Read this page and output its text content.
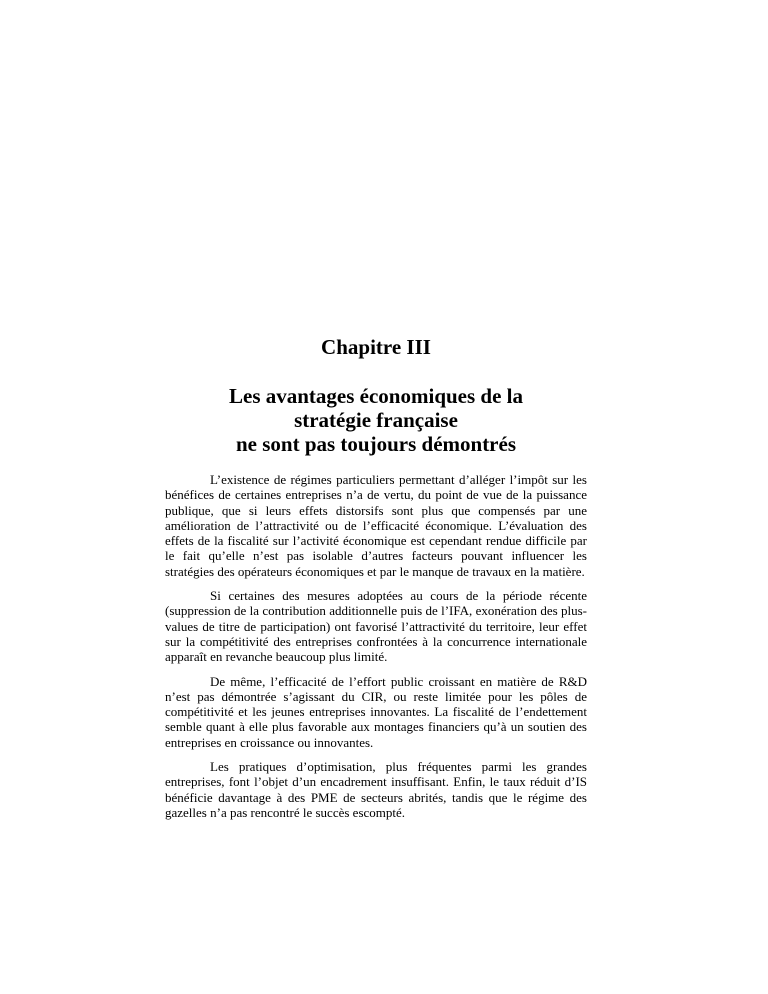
Chapitre III
Les avantages économiques de la
stratégie française
ne sont pas toujours démontrés

L’existence de régimes particuliers permettant d’alléger l’impôt sur les bénéfices de certaines entreprises n’a de vertu, du point de vue de la puissance publique, que si leurs effets distorsifs sont plus que compensés par une amélioration de l’attractivité ou de l’efficacité économique. L’évaluation des effets de la fiscalité sur l’activité économique est cependant rendue difficile par le fait qu’elle n’est pas isolable d’autres facteurs pouvant influencer les stratégies des opérateurs économiques et par le manque de travaux en la matière.

Si certaines des mesures adoptées au cours de la période récente (suppression de la contribution additionnelle puis de l’IFA, exonération des plus-values de titre de participation) ont favorisé l’attractivité du territoire, leur effet sur la compétitivité des entreprises confrontées à la concurrence internationale apparaît en revanche beaucoup plus limité.

De même, l’efficacité de l’effort public croissant en matière de R&D n’est pas démontrée s’agissant du CIR, ou reste limitée pour les pôles de compétitivité et les jeunes entreprises innovantes. La fiscalité de l’endettement semble quant à elle plus favorable aux montages financiers qu’à un soutien des entreprises en croissance ou innovantes.

Les pratiques d’optimisation, plus fréquentes parmi les grandes entreprises, font l’objet d’un encadrement insuffisant. Enfin, le taux réduit d’IS bénéficie davantage à des PME de secteurs abrités, tandis que le régime des gazelles n’a pas rencontré le succès escompté.
